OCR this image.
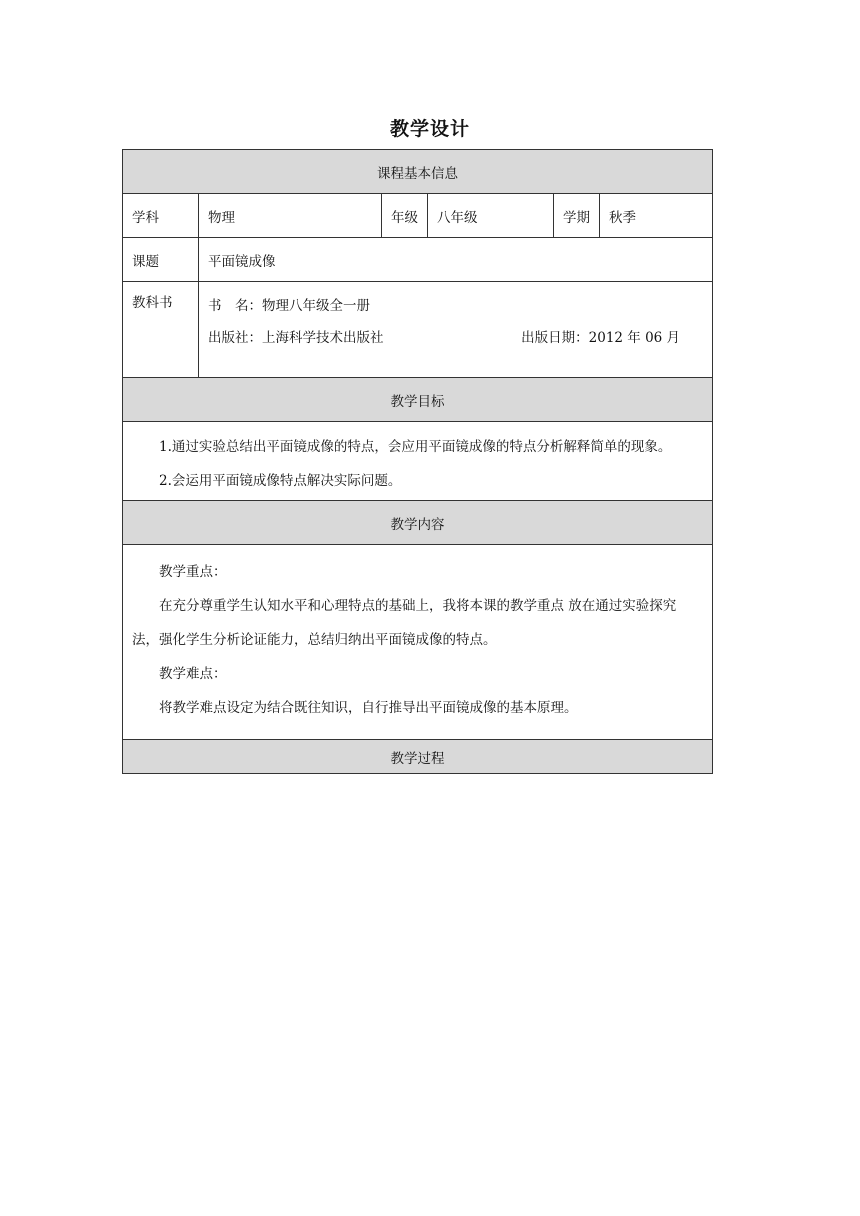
教学设计
课程基本信息					
学科	物理	年级	八年级	学期	秋季
课题	平面镜成像				
教科书	书　名：物理八年级全一册
出版社：上海科学技术出版社 出版日期：2012 年 06 月				

教学目标					

1.通过实验总结出平面镜成像的特点，会应用平面镜成像的特点分析解释简单的现象。

2.会运用平面镜成像特点解决实际问题。					

教学内容					

教学重点：

在充分尊重学生认知水平和心理特点的基础上，我将本课的教学重点 放在通过实验探究法，强化学生分析论证能力，总结归纳出平面镜成像的特点。

教学难点：

将教学难点设定为结合既往知识，自行推导出平面镜成像的基本原理。					

教学过程					
